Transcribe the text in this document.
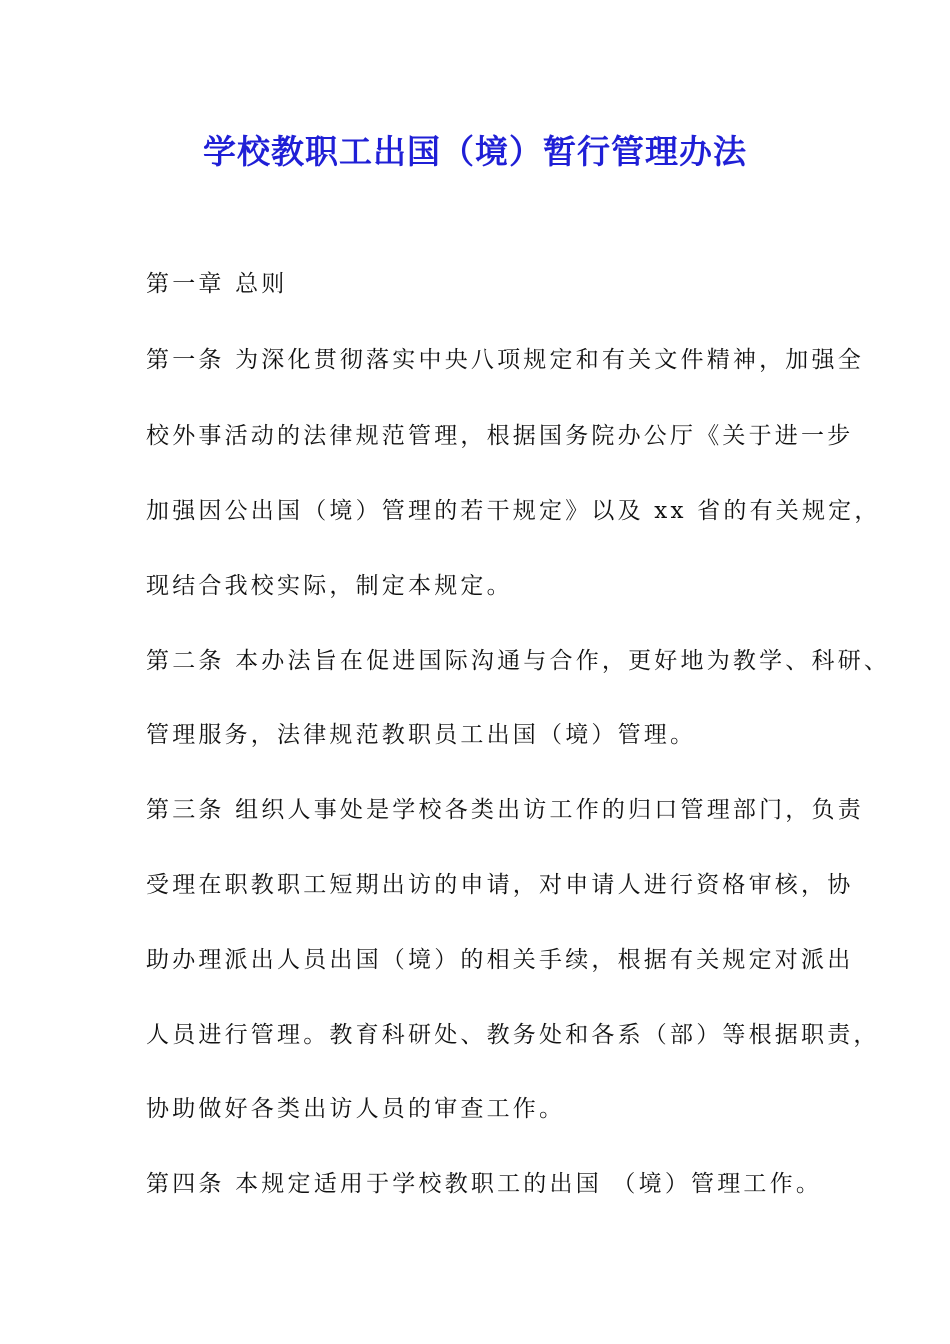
学校教职工出国（境）暂行管理办法

第一章 总则

第一条 为深化贯彻落实中央八项规定和有关文件精神，加强全

校外事活动的法律规范管理，根据国务院办公厅《关于进一步

加强因公出国（境）管理的若干规定》以及 xx 省的有关规定，

现结合我校实际，制定本规定。

第二条 本办法旨在促进国际沟通与合作，更好地为教学、科研、

管理服务，法律规范教职员工出国（境）管理。

第三条 组织人事处是学校各类出访工作的归口管理部门，负责

受理在职教职工短期出访的申请，对申请人进行资格审核，协

助办理派出人员出国（境）的相关手续，根据有关规定对派出

人员进行管理。教育科研处、教务处和各系（部）等根据职责，

协助做好各类出访人员的审查工作。

第四条 本规定适用于学校教职工的出国 （境）管理工作。
